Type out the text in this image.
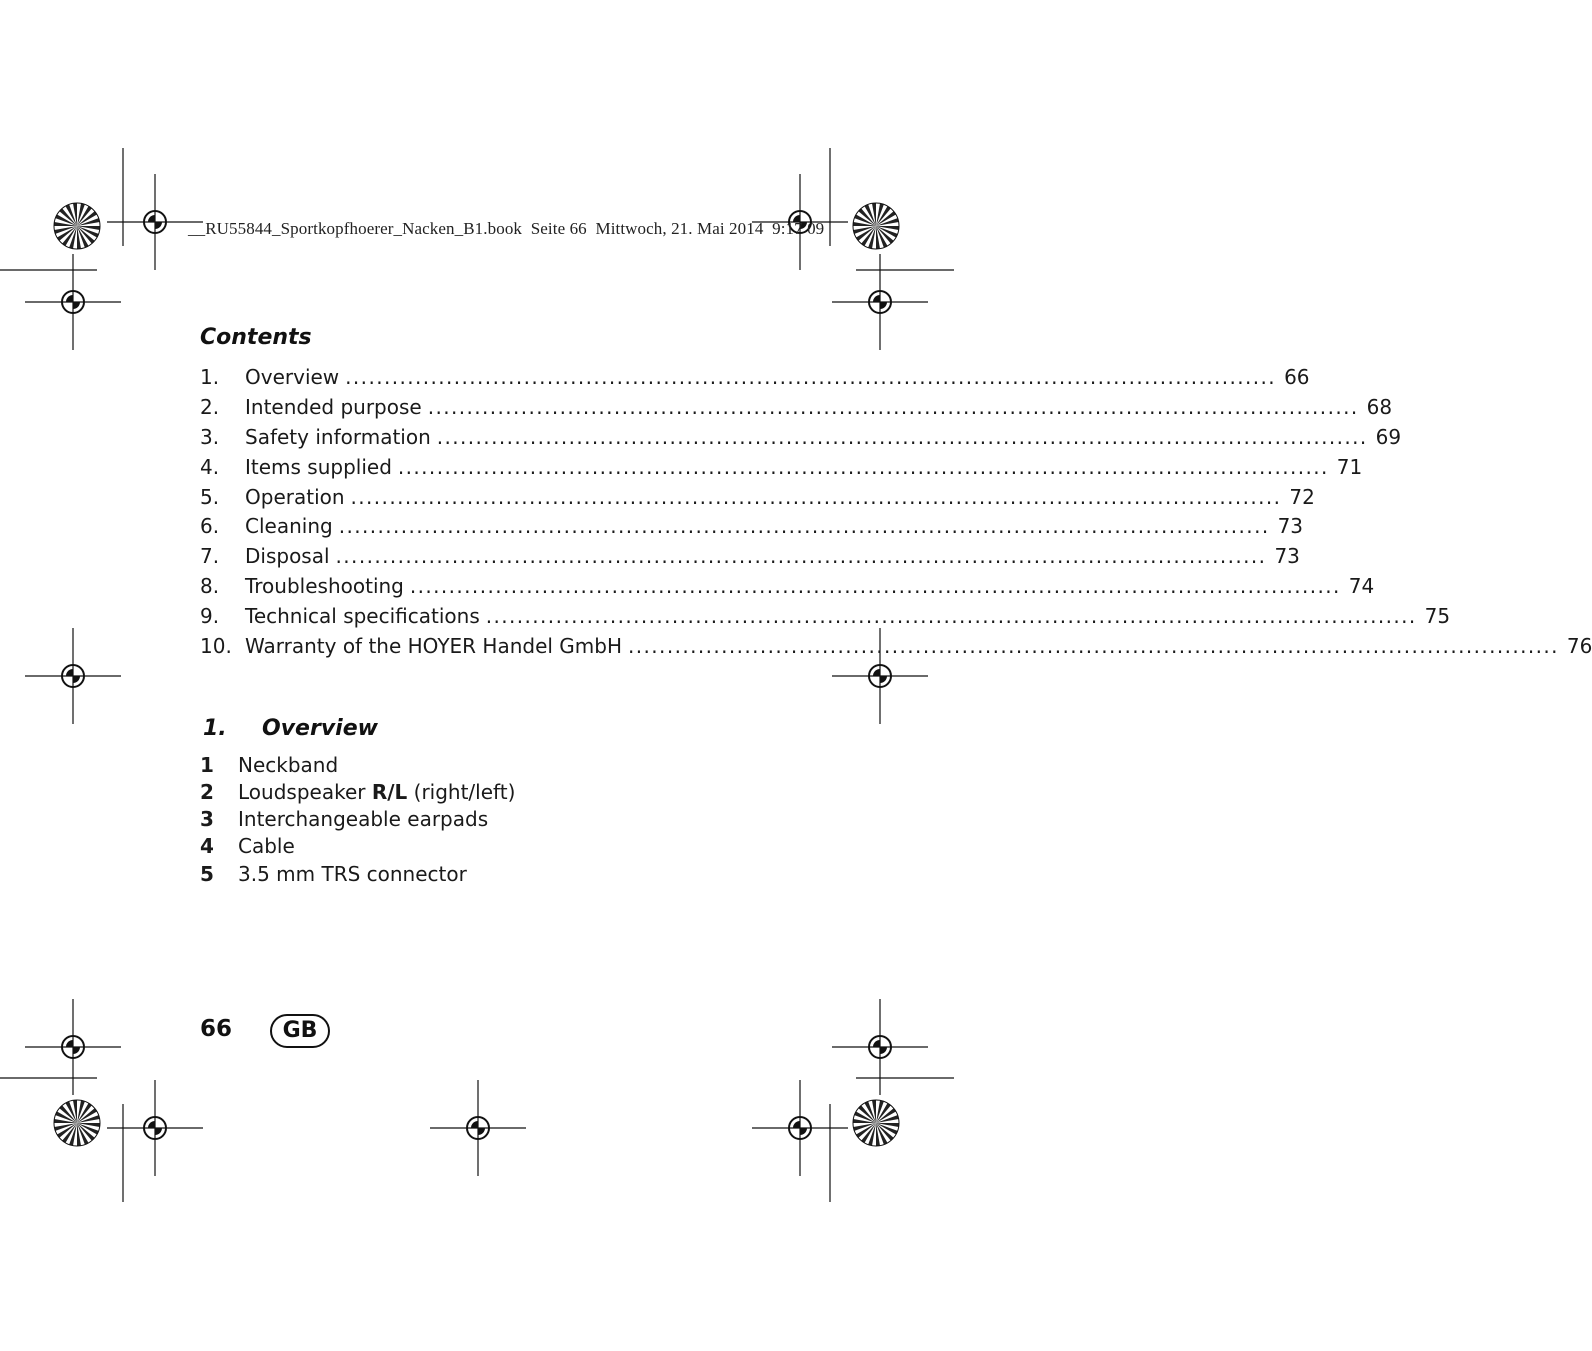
__RU55844_Sportkopfhoerer_Nacken_B1.book  Seite 66  Mittwoch, 21. Mai 2014  9:17 09
Contents
1.	Overview ........................................................................................................................ 66
2.	Intended purpose ........................................................................................................................ 68
3.	Safety information ........................................................................................................................ 69
4.	Items supplied ........................................................................................................................ 71
5.	Operation ........................................................................................................................ 72
6.	Cleaning ........................................................................................................................ 73
7.	Disposal ........................................................................................................................ 73
8.	Troubleshooting ........................................................................................................................ 74
9.	Technical specifications ........................................................................................................................ 75
10. Warranty of the HOYER Handel GmbH ........................................................................................................................ 76
1. Overview
1 Neckband
2 Loudspeaker R/L (right/left)
3 Interchangeable earpads
4 Cable
5 3.5 mm TRS connector
66	GB
